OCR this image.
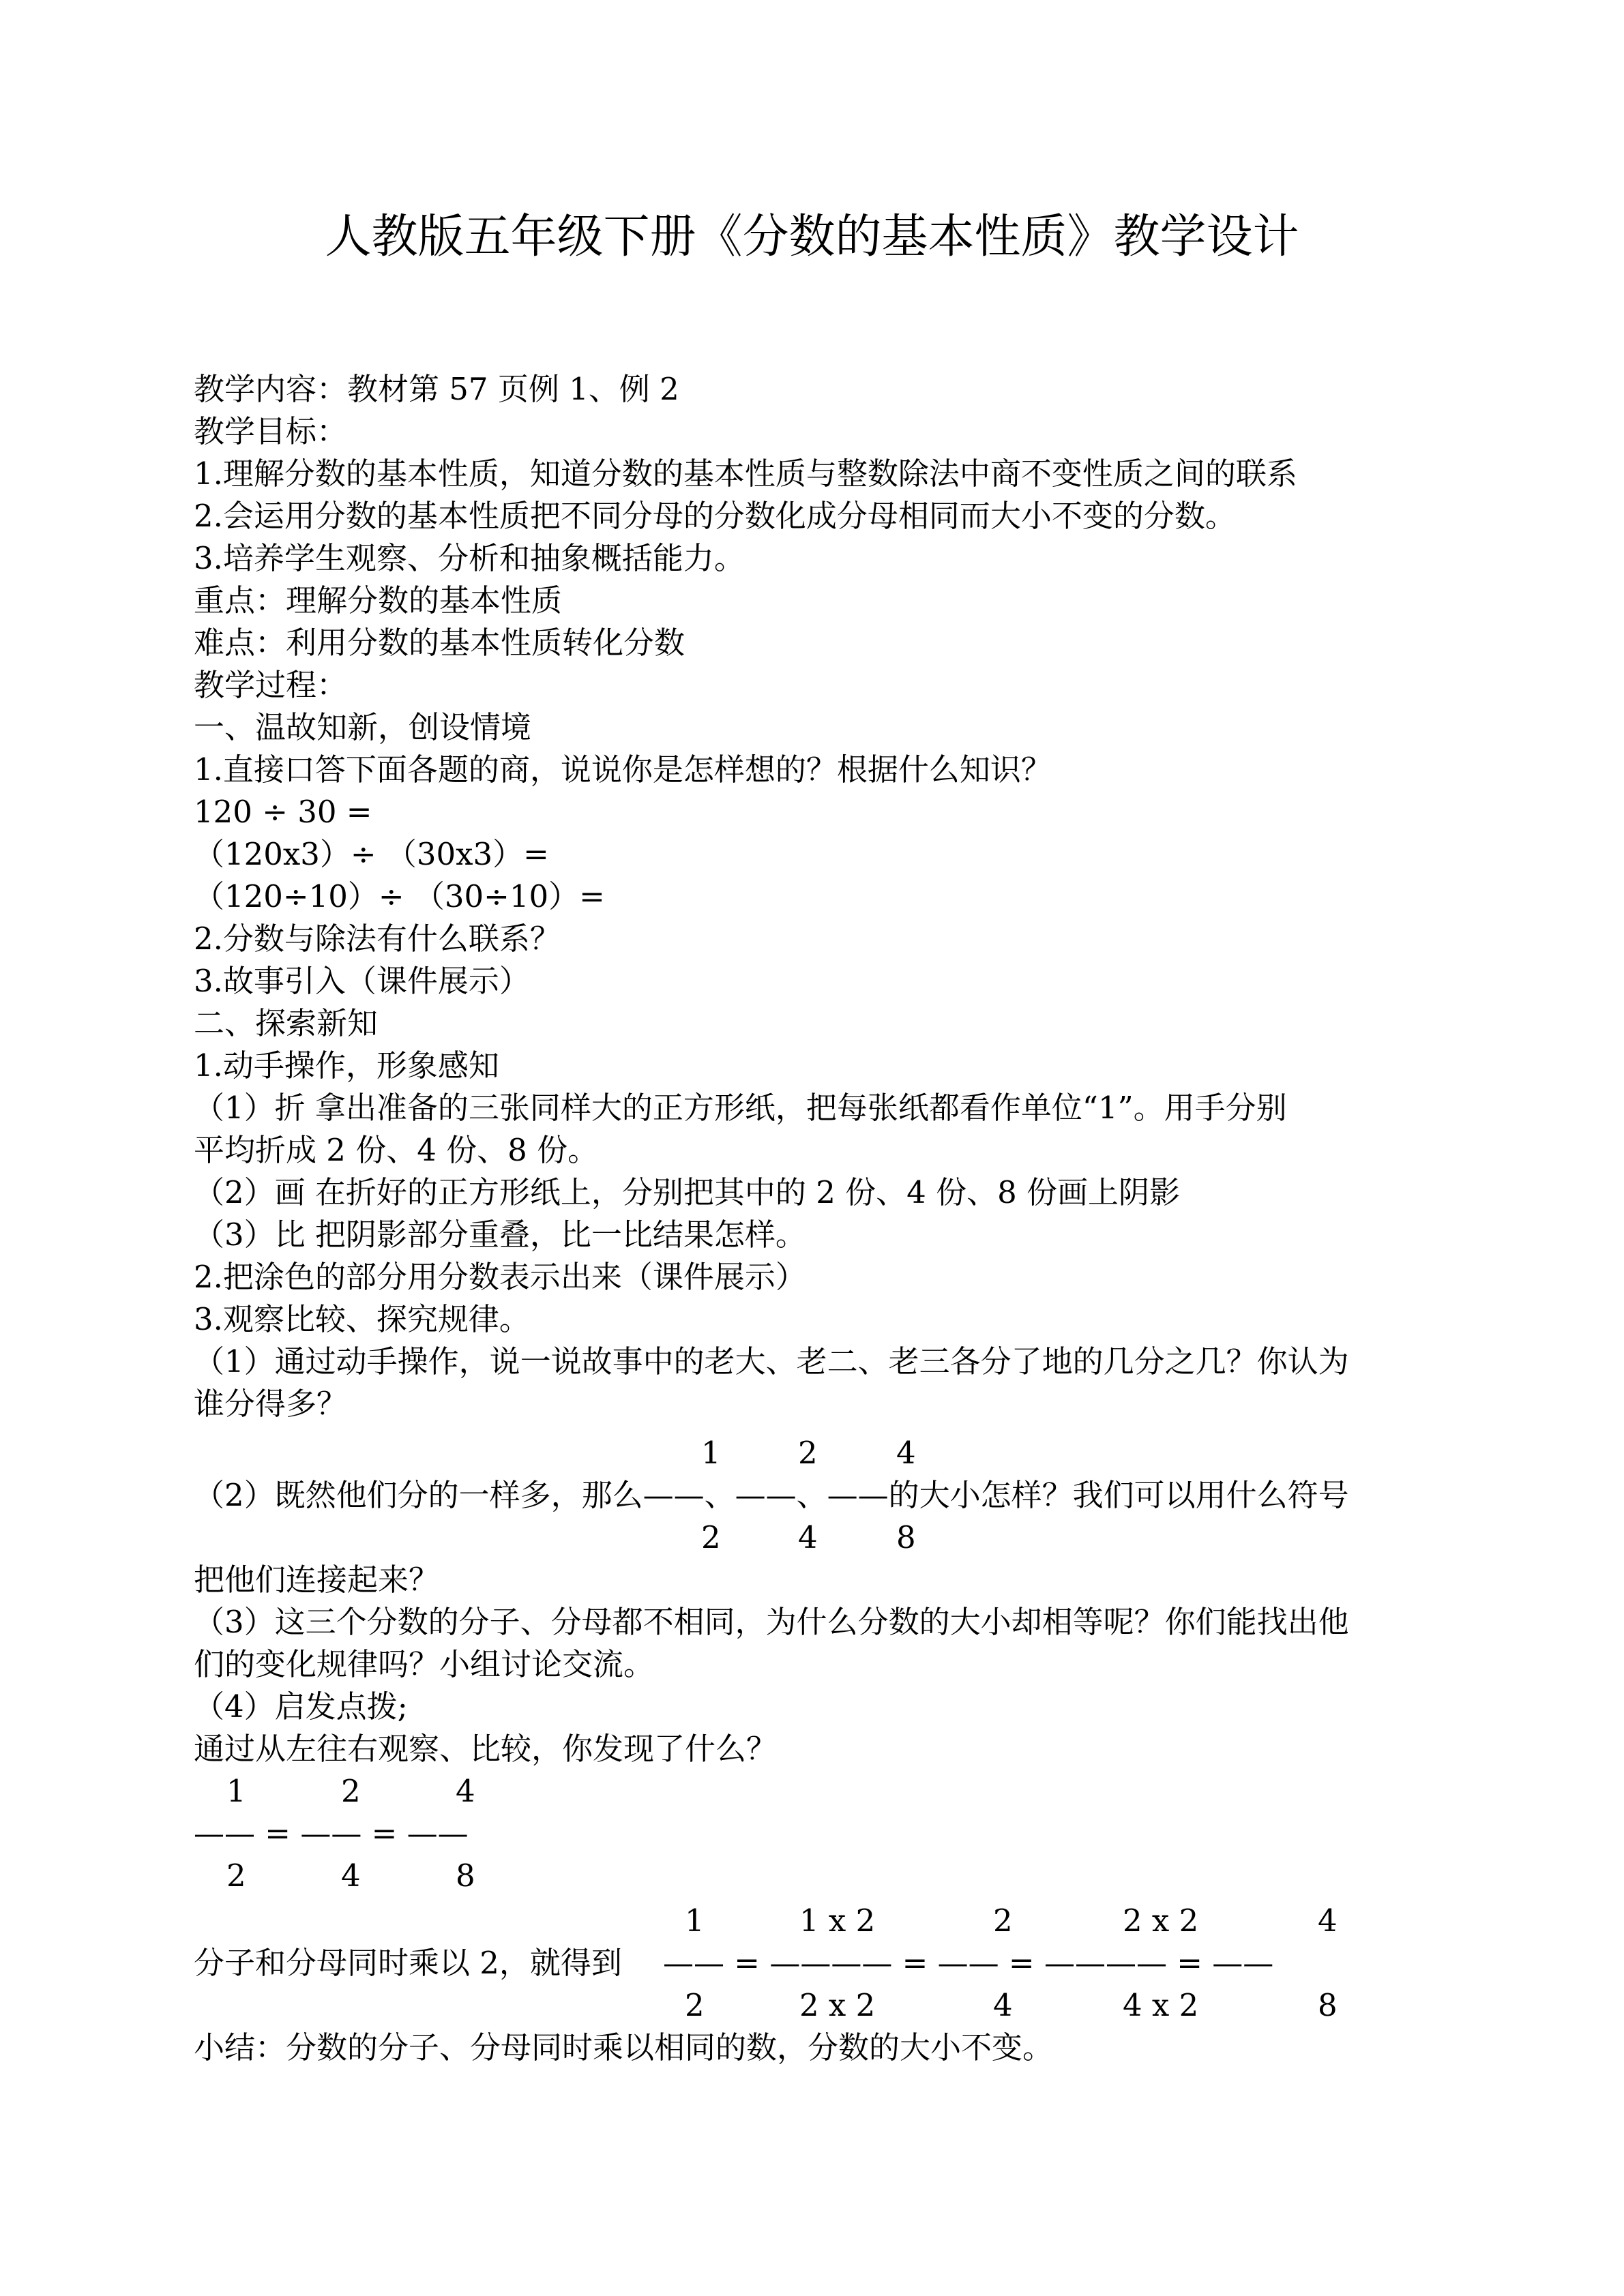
人教版五年级下册《分数的基本性质》教学设计
教学内容：教材第 57 页例 1、例 2
教学目标：
1.理解分数的基本性质，知道分数的基本性质与整数除法中商不变性质之间的联系
2.会运用分数的基本性质把不同分母的分数化成分母相同而大小不变的分数。
3.培养学生观察、分析和抽象概括能力。
重点：理解分数的基本性质
难点：利用分数的基本性质转化分数
教学过程：
一、温故知新，创设情境
1.直接口答下面各题的商，说说你是怎样想的？根据什么知识？
120 ÷ 30 =
（120x3）÷ （30x3）=
（120÷10）÷ （30÷10）=
2.分数与除法有什么联系？
3.故事引入（课件展示）
二、探索新知
1.动手操作，形象感知
（1）折 拿出准备的三张同样大的正方形纸，把每张纸都看作单位“1”。用手分别
平均折成 2 份、4 份、8 份。
（2）画 在折好的正方形纸上，分别把其中的 2 份、4 份、8 份画上阴影
（3）比 把阴影部分重叠，比一比结果怎样。
2.把涂色的部分用分数表示出来（课件展示）
3.观察比较、探究规律。
（1）通过动手操作，说一说故事中的老大、老二、老三各分了地的几分之几？你认为
谁分得多？
1	2	4
（2）既然他们分的一样多，那么——、——、——的大小怎样？我们可以用什么符号
2	4	8
把他们连接起来？
（3）这三个分数的分子、分母都不相同，为什么分数的大小却相等呢？你们能找出他
们的变化规律吗？小组讨论交流。
（4）启发点拨;
通过从左往右观察、比较，你发现了什么？
1	2	4
—— = —— = ——
2	4	8
1	1 x 2	2	2 x 2	4
分子和分母同时乘以 2，就得到 —— = ———— = —— = ———— = ——
2	2 x 2	4	4 x 2	8
小结：分数的分子、分母同时乘以相同的数，分数的大小不变。
